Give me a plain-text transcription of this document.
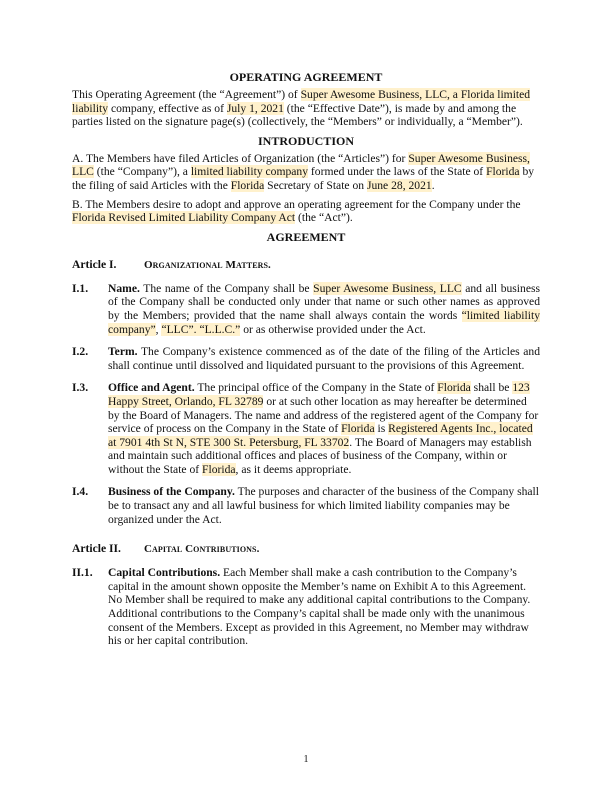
OPERATING AGREEMENT

This Operating Agreement (the “Agreement”) of Super Awesome Business, LLC, a Florida limited liability company, effective as of July 1, 2021 (the “Effective Date”), is made by and among the parties listed on the signature page(s) (collectively, the “Members” or individually, a “Member”).

INTRODUCTION

A. The Members have filed Articles of Organization (the “Articles”) for Super Awesome Business, LLC (the “Company”), a limited liability company formed under the laws of the State of Florida by the filing of said Articles with the Florida Secretary of State on June 28, 2021.

B. The Members desire to adopt and approve an operating agreement for the Company under the Florida Revised Limited Liability Company Act (the “Act”).

AGREEMENT
Article I.	Organizational Matters.
I.1.	Name. The name of the Company shall be Super Awesome Business, LLC and all business of the Company shall be conducted only under that name or such other names as approved by the Members; provided that the name shall always contain the words “limited liability company”, “LLC”. “L.L.C.” or as otherwise provided under the Act.
I.2.	Term. The Company’s existence commenced as of the date of the filing of the Articles and shall continue until dissolved and liquidated pursuant to the provisions of this Agreement.
I.3.	Office and Agent. The principal office of the Company in the State of Florida shall be 123 Happy Street, Orlando, FL 32789 or at such other location as may hereafter be determined by the Board of Managers. The name and address of the registered agent of the Company for service of process on the Company in the State of Florida is Registered Agents Inc., located at 7901 4th St N, STE 300 St. Petersburg, FL 33702. The Board of Managers may establish and maintain such additional offices and places of business of the Company, within or without the State of Florida, as it deems appropriate.
I.4.	Business of the Company. The purposes and character of the business of the Company shall be to transact any and all lawful business for which limited liability companies may be organized under the Act.
Article II.	Capital Contributions.
II.1.	Capital Contributions. Each Member shall make a cash contribution to the Company’s capital in the amount shown opposite the Member’s name on Exhibit A to this Agreement. No Member shall be required to make any additional capital contributions to the Company. Additional contributions to the Company’s capital shall be made only with the unanimous consent of the Members. Except as provided in this Agreement, no Member may withdraw his or her capital contribution.
1
